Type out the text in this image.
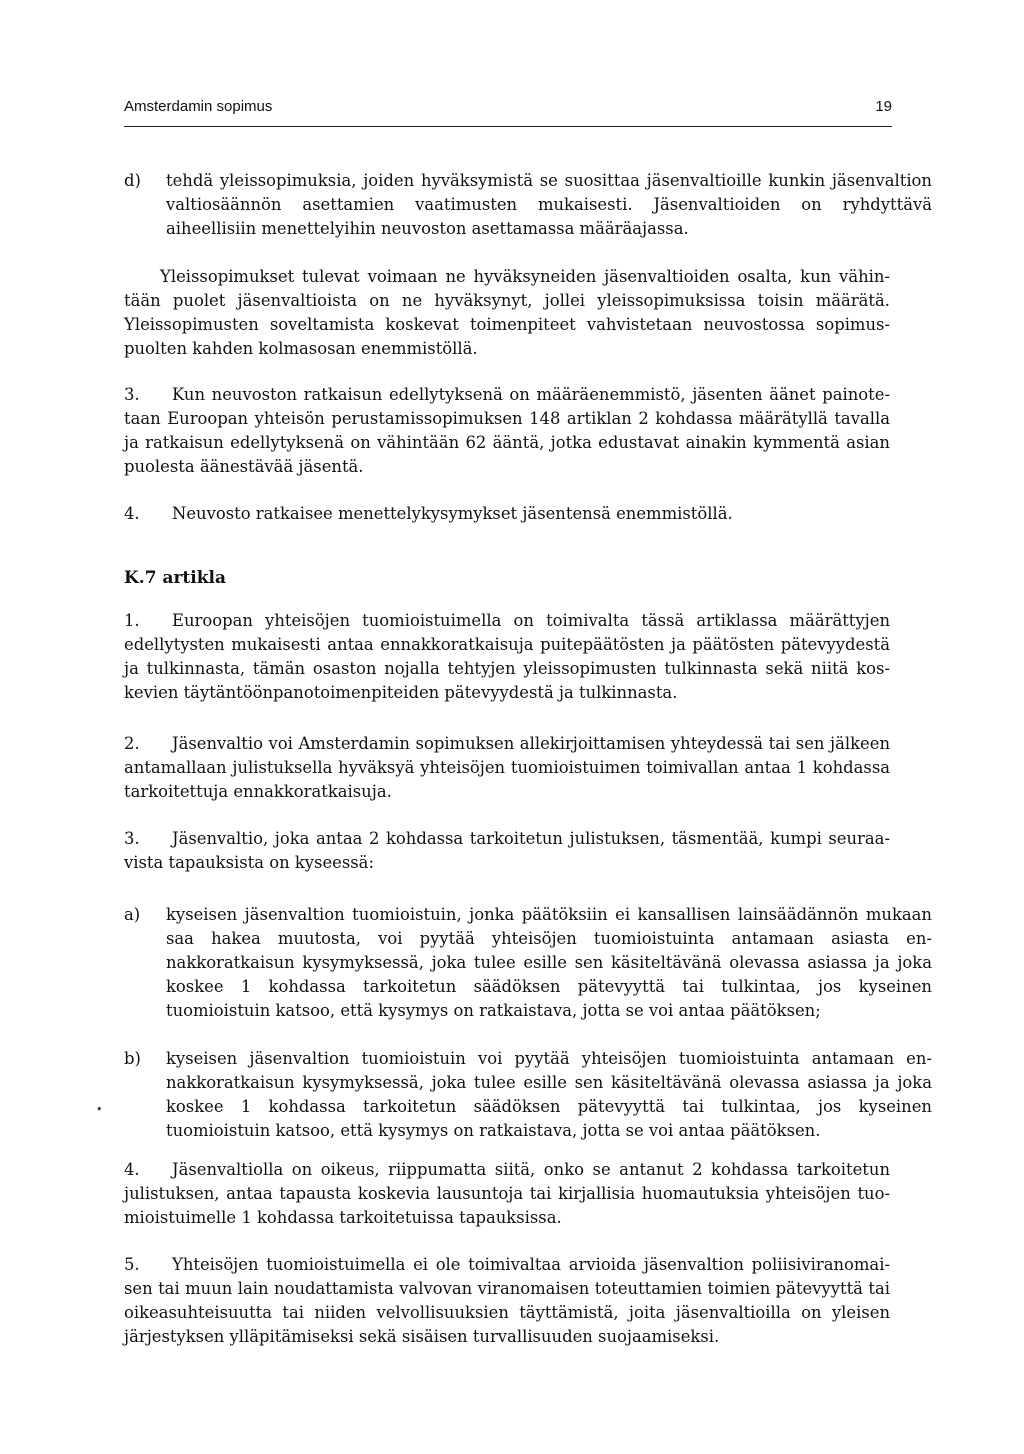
Amsterdamin sopimus	19
d) tehdä yleissopimuksia, joiden hyväksymistä se suosittaa jäsenvaltioille kunkin jäsenvaltion valtiosäännön asettamien vaatimusten mukaisesti. Jäsenvaltioiden on ryhdyttävä aiheellisiin menettelyihin neuvoston asettamassa määräajassa.

Yleissopimukset tulevat voimaan ne hyväksyneiden jäsenvaltioiden osalta, kun vähintään puolet jäsenvaltioista on ne hyväksynyt, jollei yleissopimuksissa toisin määrätä. Yleissopimusten soveltamista koskevat toimenpiteet vahvistetaan neuvostossa sopimuspuolten kahden kolmasosan enemmistöllä.

3. Kun neuvoston ratkaisun edellytyksenä on määräenemmistö, jäsenten äänet painotetaan Euroopan yhteisön perustamissopimuksen 148 artiklan 2 kohdassa määrätyllä tavalla ja ratkaisun edellytyksenä on vähintään 62 ääntä, jotka edustavat ainakin kymmentä asian puolesta äänestävää jäsentä.

4. Neuvosto ratkaisee menettelykysymykset jäsentensä enemmistöllä.

K.7 artikla

1. Euroopan yhteisöjen tuomioistuimella on toimivalta tässä artiklassa määrättyjen edellytysten mukaisesti antaa ennakkoratkaisuja puitepäätösten ja päätösten pätevyydestä ja tulkinnasta, tämän osaston nojalla tehtyjen yleissopimusten tulkinnasta sekä niitä koskevien täytäntöönpanotoimenpiteiden pätevyydestä ja tulkinnasta.

2. Jäsenvaltio voi Amsterdamin sopimuksen allekirjoittamisen yhteydessä tai sen jälkeen antamallaan julistuksella hyväksyä yhteisöjen tuomioistuimen toimivallan antaa 1 kohdassa tarkoitettuja ennakkoratkaisuja.

3. Jäsenvaltio, joka antaa 2 kohdassa tarkoitetun julistuksen, täsmentää, kumpi seuraavista tapauksista on kyseessä:

a) kyseisen jäsenvaltion tuomioistuin, jonka päätöksiin ei kansallisen lainsäädännön mukaan saa hakea muutosta, voi pyytää yhteisöjen tuomioistuinta antamaan asiasta ennakkoratkaisun kysymyksessä, joka tulee esille sen käsiteltävänä olevassa asiassa ja joka koskee 1 kohdassa tarkoitetun säädöksen pätevyyttä tai tulkintaa, jos kyseinen tuomioistuin katsoo, että kysymys on ratkaistava, jotta se voi antaa päätöksen;
b) kyseisen jäsenvaltion tuomioistuin voi pyytää yhteisöjen tuomioistuinta antamaan ennakkoratkaisun kysymyksessä, joka tulee esille sen käsiteltävänä olevassa asiassa ja joka koskee 1 kohdassa tarkoitetun säädöksen pätevyyttä tai tulkintaa, jos kyseinen tuomioistuin katsoo, että kysymys on ratkaistava, jotta se voi antaa päätöksen.
•

4. Jäsenvaltiolla on oikeus, riippumatta siitä, onko se antanut 2 kohdassa tarkoitetun julistuksen, antaa tapausta koskevia lausuntoja tai kirjallisia huomautuksia yhteisöjen tuomioistuimelle 1 kohdassa tarkoitetuissa tapauksissa.

5. Yhteisöjen tuomioistuimella ei ole toimivaltaa arvioida jäsenvaltion poliisiviranomaisen tai muun lain noudattamista valvovan viranomaisen toteuttamien toimien pätevyyttä tai oikeasuhteisuutta tai niiden velvollisuuksien täyttämistä, joita jäsenvaltioilla on yleisen järjestyksen ylläpitämiseksi sekä sisäisen turvallisuuden suojaamiseksi.
